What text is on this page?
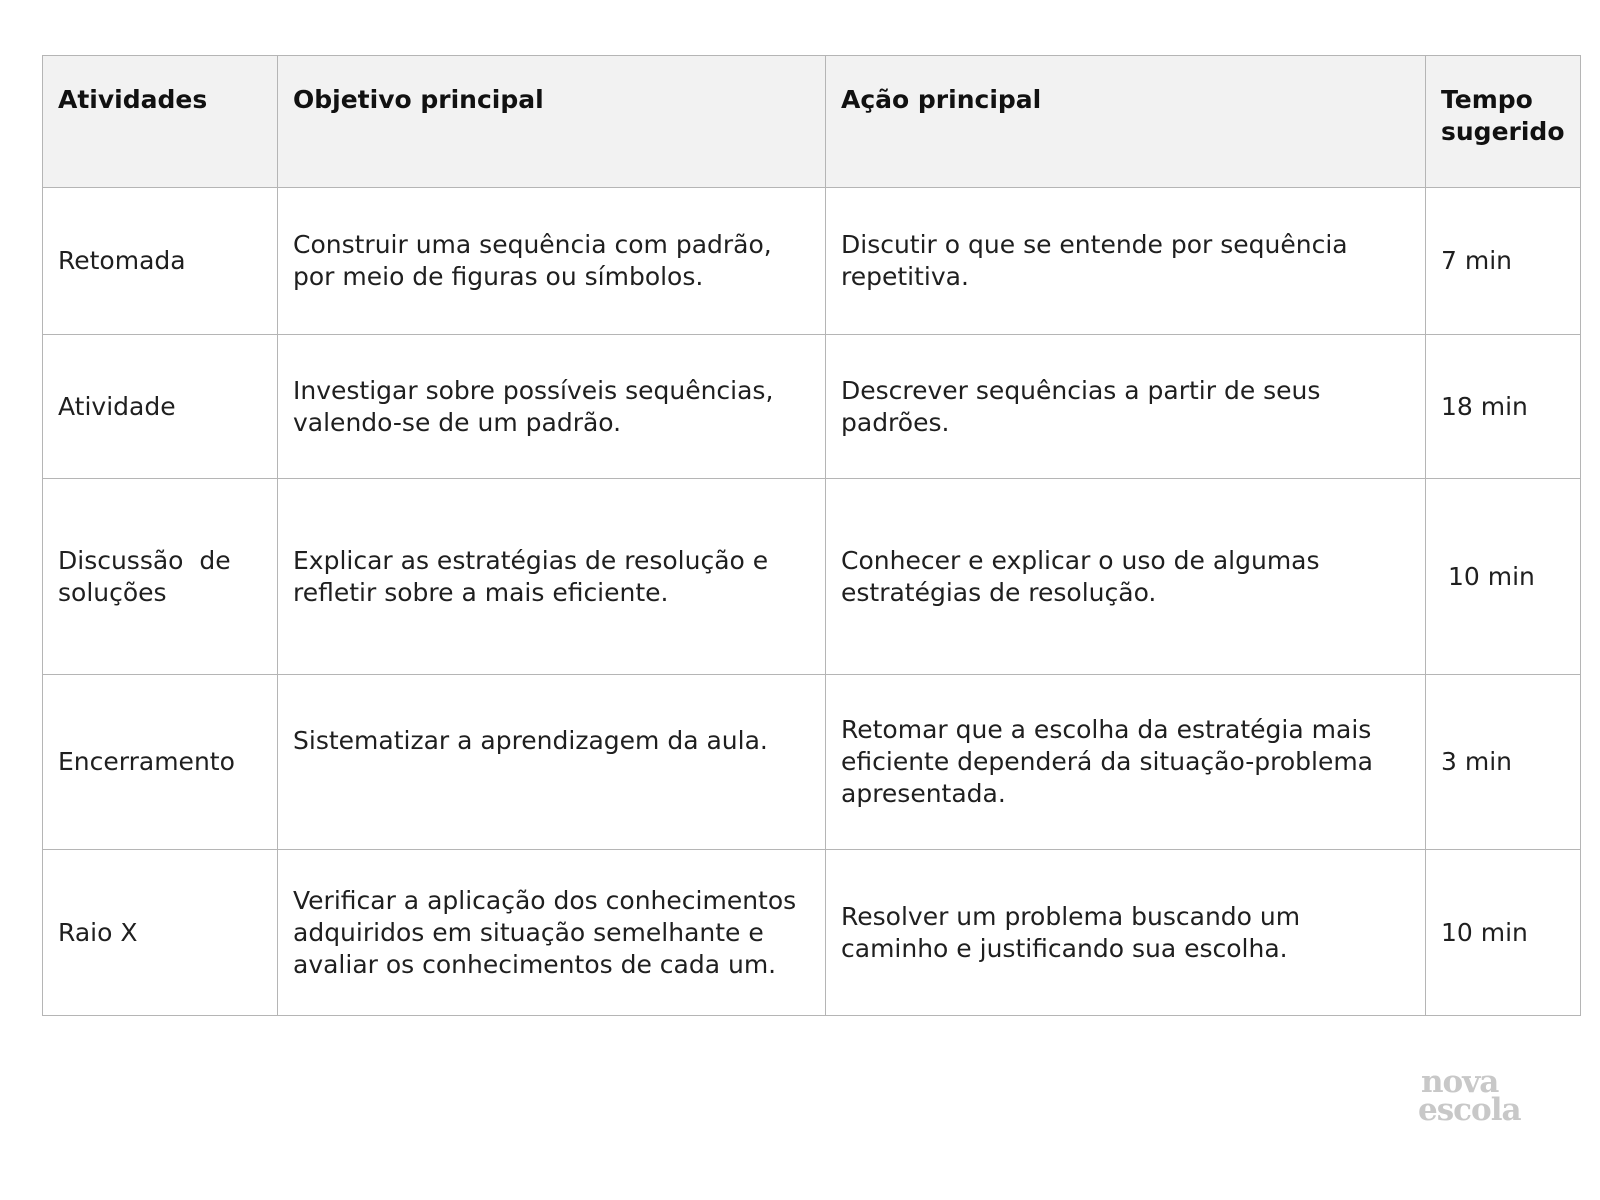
Atividades	Objetivo principal	Ação principal	Tempo sugerido
Retomada	Construir uma sequência com padrão, por meio de figuras ou símbolos.	Discutir o que se entende por sequência repetitiva.	7 min
Atividade	Investigar sobre possíveis sequências, valendo-se de um padrão.	Descrever sequências a partir de seus padrões.	18 min
Discussão  de soluções	Explicar as estratégias de resolução e refletir sobre a mais eficiente.	Conhecer e explicar o uso de algumas estratégias de resolução.	10 min
Encerramento	Sistematizar a aprendizagem da aula.	Retomar que a escolha da estratégia mais eficiente dependerá da situação-problema apresentada.	3 min
Raio X	Verificar a aplicação dos conhecimentos adquiridos em situação semelhante e avaliar os conhecimentos de cada um.	Resolver um problema buscando um caminho e justificando sua escolha.	10 min
nova
escola
